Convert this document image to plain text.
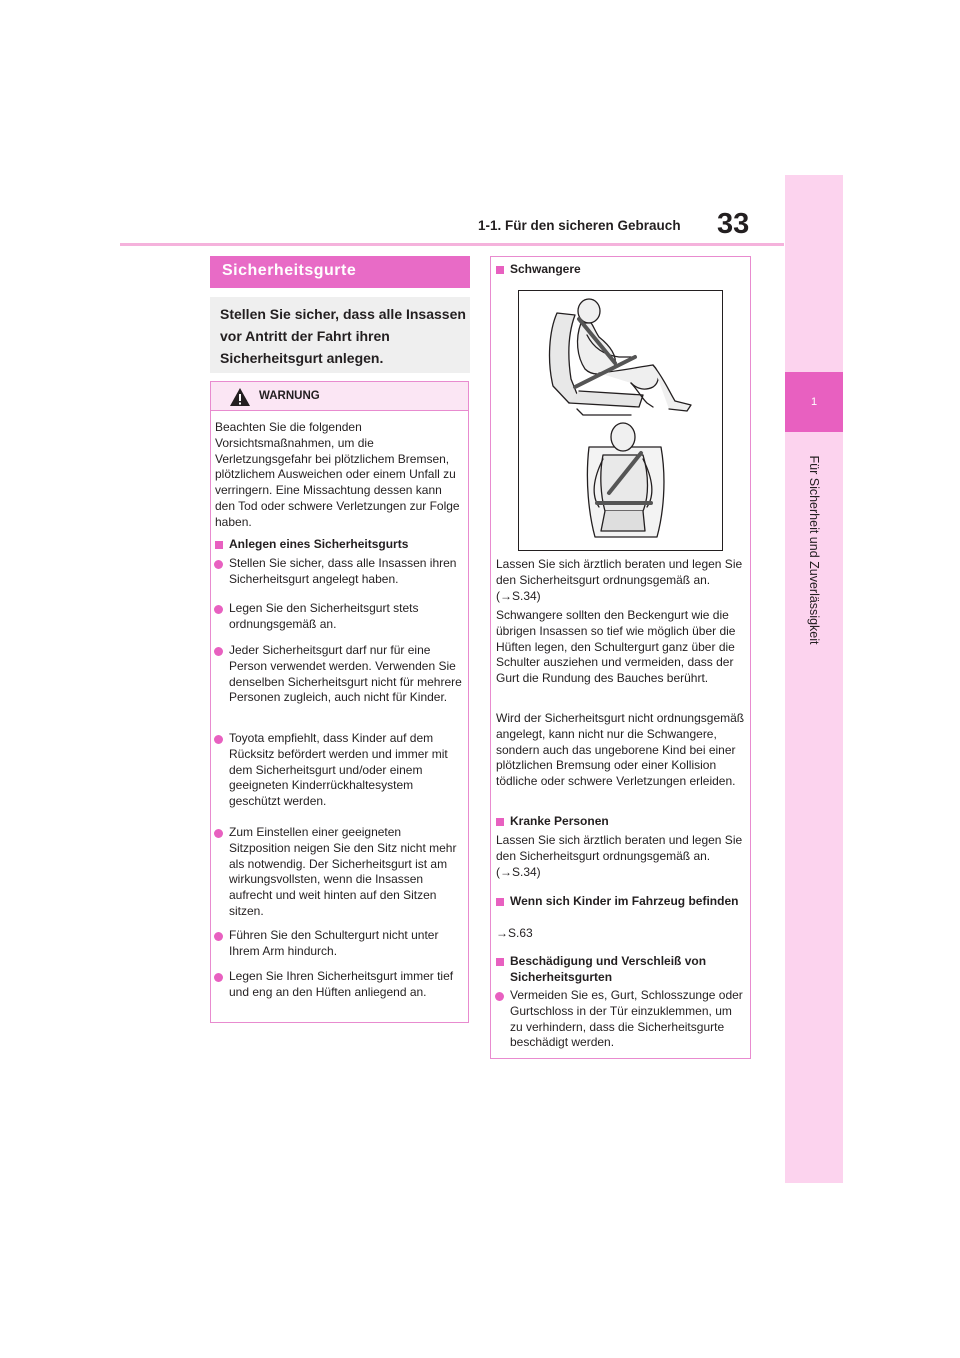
1-1. Für den sicheren Gebrauch 33
1
Für Sicherheit und Zuverlässigkeit
Sicherheitsgurte
Stellen Sie sicher, dass alle Insassen vor Antritt der Fahrt ihren Sicherheitsgurt anlegen.
WARNUNG
Beachten Sie die folgenden Vorsichtsmaßnahmen, um die Verletzungsgefahr bei plötzlichem Bremsen, plötzlichem Ausweichen oder einem Unfall zu verringern. Eine Missachtung dessen kann den Tod oder schwere Verletzungen zur Folge haben.
Anlegen eines Sicherheitsgurts
Stellen Sie sicher, dass alle Insassen ihren Sicherheitsgurt angelegt haben.
Legen Sie den Sicherheitsgurt stets ordnungsgemäß an.
Jeder Sicherheitsgurt darf nur für eine Person verwendet werden. Verwenden Sie denselben Sicherheitsgurt nicht für mehrere Personen zugleich, auch nicht für Kinder.
Toyota empfiehlt, dass Kinder auf dem Rücksitz befördert werden und immer mit dem Sicherheitsgurt und/oder einem geeigneten Kinderrückhaltesystem geschützt werden.
Zum Einstellen einer geeigneten Sitzposition neigen Sie den Sitz nicht mehr als notwendig. Der Sicherheitsgurt ist am wirkungsvollsten, wenn die Insassen aufrecht und weit hinten auf den Sitzen sitzen.
Führen Sie den Schultergurt nicht unter Ihrem Arm hindurch.
Legen Sie Ihren Sicherheitsgurt immer tief und eng an den Hüften anliegend an.
Schwangere
Lassen Sie sich ärztlich beraten und legen Sie den Sicherheitsgurt ordnungsgemäß an. (→S.34)
Schwangere sollten den Beckengurt wie die übrigen Insassen so tief wie möglich über die Hüften legen, den Schultergurt ganz über die Schulter ausziehen und vermeiden, dass der Gurt die Rundung des Bauches berührt.
Wird der Sicherheitsgurt nicht ordnungsgemäß angelegt, kann nicht nur die Schwangere, sondern auch das ungeborene Kind bei einer plötzlichen Bremsung oder einer Kollision tödliche oder schwere Verletzungen erleiden.
Kranke Personen
Lassen Sie sich ärztlich beraten und legen Sie den Sicherheitsgurt ordnungsgemäß an. (→S.34)
Wenn sich Kinder im Fahrzeug befinden
→S.63
Beschädigung und Verschleiß von Sicherheitsgurten
Vermeiden Sie es, Gurt, Schlosszunge oder Gurtschloss in der Tür einzuklemmen, um zu verhindern, dass die Sicherheitsgurte beschädigt werden.
